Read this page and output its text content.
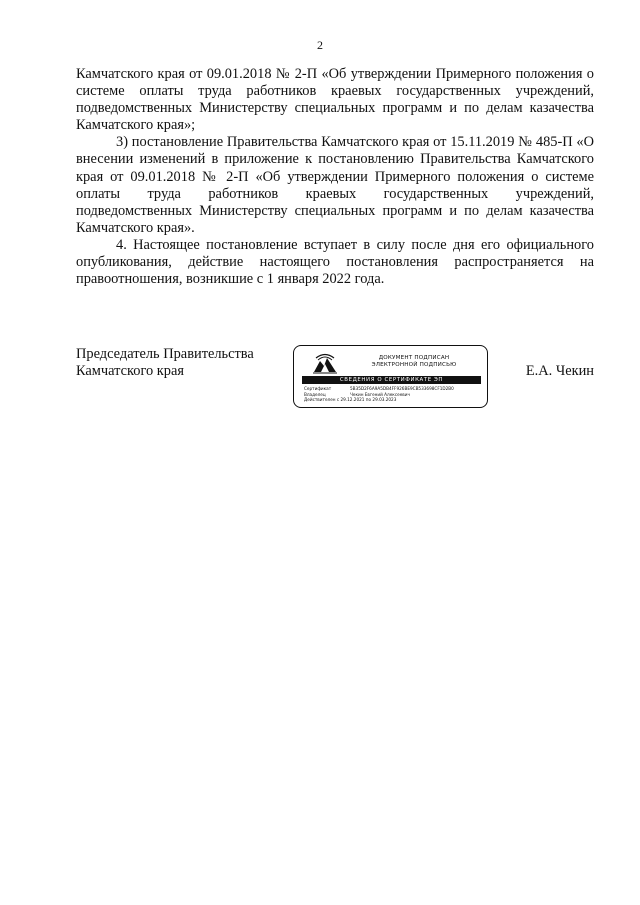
2

Камчатского края от 09.01.2018 № 2-П «Об утверждении Примерного положения о системе оплаты труда работников краевых государственных учреждений, подведомственных Министерству специальных программ и по делам казачества Камчатского края»;

3) постановление Правительства Камчатского края от 15.11.2019 № 485-П «О внесении изменений в приложение к постановлению Правительства Камчатского края от 09.01.2018 № 2-П «Об утверждении Примерного положения о системе оплаты труда работников краевых государственных учреждений, подведомственных Министерству специальных программ и по делам казачества Камчатского края».

4. Настоящее постановление вступает в силу после дня его официального опубликования, действие настоящего постановления распространяется на правоотношения, возникшие с 1 января 2022 года.

Председатель Правительства
Камчатского края
ДОКУМЕНТ ПОДПИСАН
ЭЛЕКТРОННОЙ ПОДПИСЬЮ
СВЕДЕНИЯ О СЕРТИФИКАТЕ ЭП
Сертификат	5B35D2F6A9A5DB4FF926BE9CB533698CF1D2B0
Владелец	Чекин Евгений Алексеевич
Действителен с 29.12.2021 по 29.03.2023
Е.А. Чекин
